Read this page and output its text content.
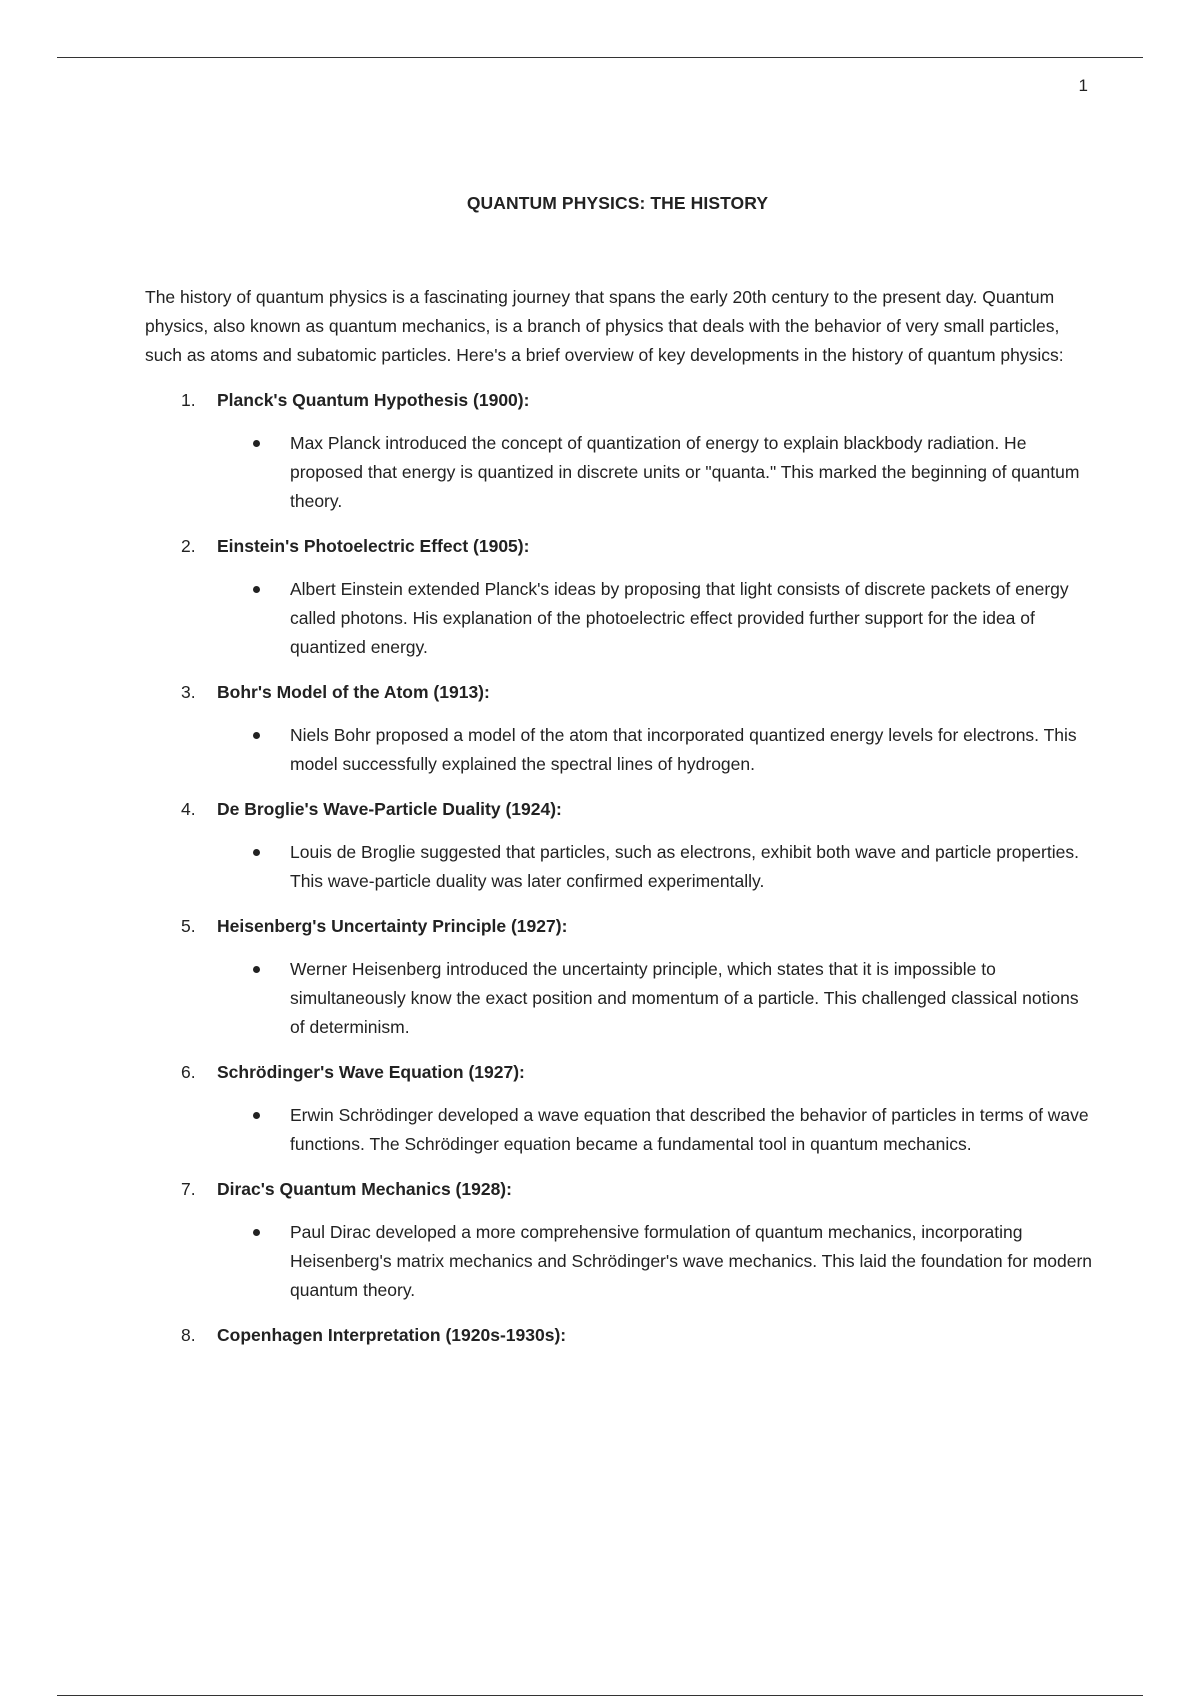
1
QUANTUM PHYSICS: THE HISTORY

The history of quantum physics is a fascinating journey that spans the early 20th century to the present day. Quantum physics, also known as quantum mechanics, is a branch of physics that deals with the behavior of very small particles, such as atoms and subatomic particles. Here's a brief overview of key developments in the history of quantum physics:

1.	Planck's Quantum Hypothesis (1900):
Max Planck introduced the concept of quantization of energy to explain blackbody radiation. He proposed that energy is quantized in discrete units or "quanta." This marked the beginning of quantum theory.
2.	Einstein's Photoelectric Effect (1905):
Albert Einstein extended Planck's ideas by proposing that light consists of discrete packets of energy called photons. His explanation of the photoelectric effect provided further support for the idea of quantized energy.
3.	Bohr's Model of the Atom (1913):
Niels Bohr proposed a model of the atom that incorporated quantized energy levels for electrons. This model successfully explained the spectral lines of hydrogen.
4.	De Broglie's Wave-Particle Duality (1924):
Louis de Broglie suggested that particles, such as electrons, exhibit both wave and particle properties. This wave-particle duality was later confirmed experimentally.
5.	Heisenberg's Uncertainty Principle (1927):
Werner Heisenberg introduced the uncertainty principle, which states that it is impossible to simultaneously know the exact position and momentum of a particle. This challenged classical notions of determinism.
6.	Schrödinger's Wave Equation (1927):
Erwin Schrödinger developed a wave equation that described the behavior of particles in terms of wave functions. The Schrödinger equation became a fundamental tool in quantum mechanics.
7.	Dirac's Quantum Mechanics (1928):
Paul Dirac developed a more comprehensive formulation of quantum mechanics, incorporating Heisenberg's matrix mechanics and Schrödinger's wave mechanics. This laid the foundation for modern quantum theory.
8.	Copenhagen Interpretation (1920s-1930s):
